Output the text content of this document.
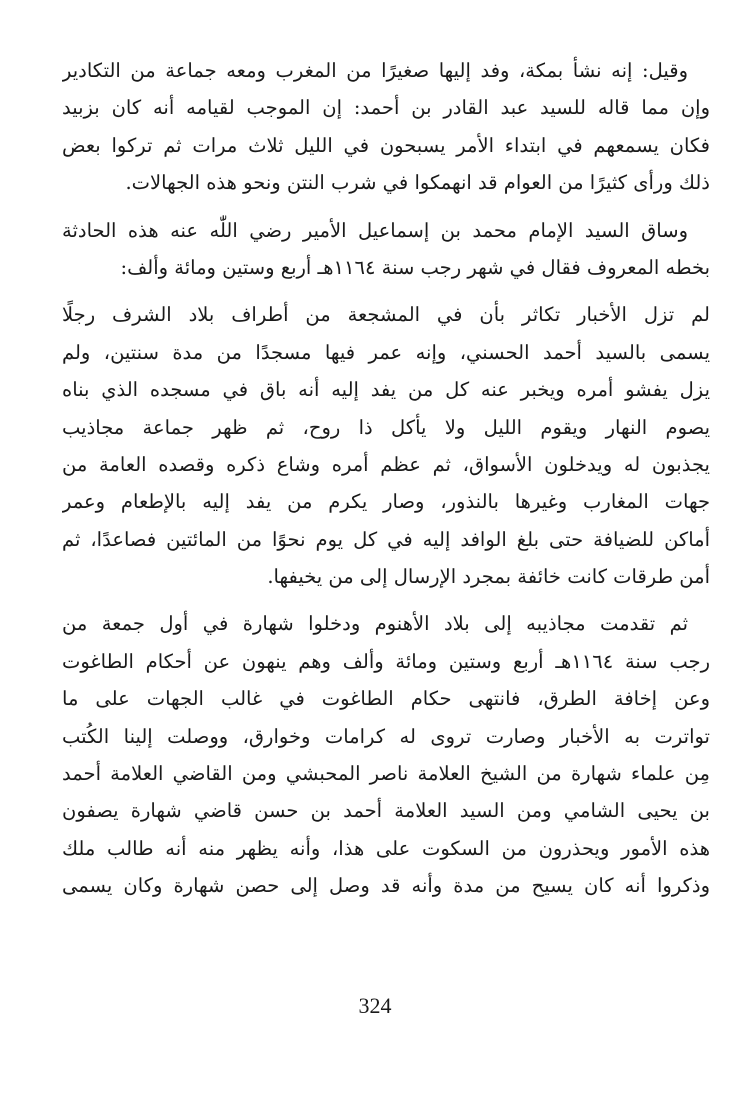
وقيل: إنه نشأ بمكة، وفد إليها صغيرًا من المغرب ومعه جماعة من التكادير
وإن مما قاله للسيد عبد القادر بن أحمد: إن الموجب لقيامه أنه كان بزبيد
فكان يسمعهم في ابتداء الأمر يسبحون في الليل ثلاث مرات ثم تركوا بعض
ذلك ورأى كثيرًا من العوام قد انهمكوا في شرب النتن ونحو هذه الجهالات.
وساق السيد الإمام محمد بن إسماعيل الأمير رضي اللّٰه عنه هذه الحادثة
بخطه المعروف فقال في شهر رجب سنة ١١٦٤هـ أربع وستين ومائة وألف:
لم تزل الأخبار تكاثر بأن في المشجعة من أطراف بلاد الشرف رجلًا
يسمى بالسيد أحمد الحسني، وإنه عمر فيها مسجدًا من مدة سنتين، ولم
يزل يفشو أمره ويخبر عنه كل من يفد إليه أنه باق في مسجده الذي بناه
يصوم النهار ويقوم الليل ولا يأكل ذا روح، ثم ظهر جماعة مجاذيب
يجذبون له ويدخلون الأسواق، ثم عظم أمره وشاع ذكره وقصده العامة من
جهات المغارب وغيرها بالنذور، وصار يكرم من يفد إليه بالإطعام وعمر
أماكن للضيافة حتى بلغ الوافد إليه في كل يوم نحوًا من المائتين فصاعدًا، ثم
أمن طرقات كانت خائفة بمجرد الإرسال إلى من يخيفها.
ثم تقدمت مجاذيبه إلى بلاد الأهنوم ودخلوا شهارة في أول جمعة من
رجب سنة ١١٦٤هـ أربع وستين ومائة وألف وهم ينهون عن أحكام الطاغوت
وعن إخافة الطرق، فانتهى حكام الطاغوت في غالب الجهات على ما
تواترت به الأخبار وصارت تروى له كرامات وخوارق، ووصلت إلينا الكُتب
مِن علماء شهارة من الشيخ العلامة ناصر المحبشي ومن القاضي العلامة أحمد
بن يحيى الشامي ومن السيد العلامة أحمد بن حسن قاضي شهارة يصفون
هذه الأمور ويحذرون من السكوت على هذا، وأنه يظهر منه أنه طالب ملك
وذكروا أنه كان يسيح من مدة وأنه قد وصل إلى حصن شهارة وكان يسمى
324
